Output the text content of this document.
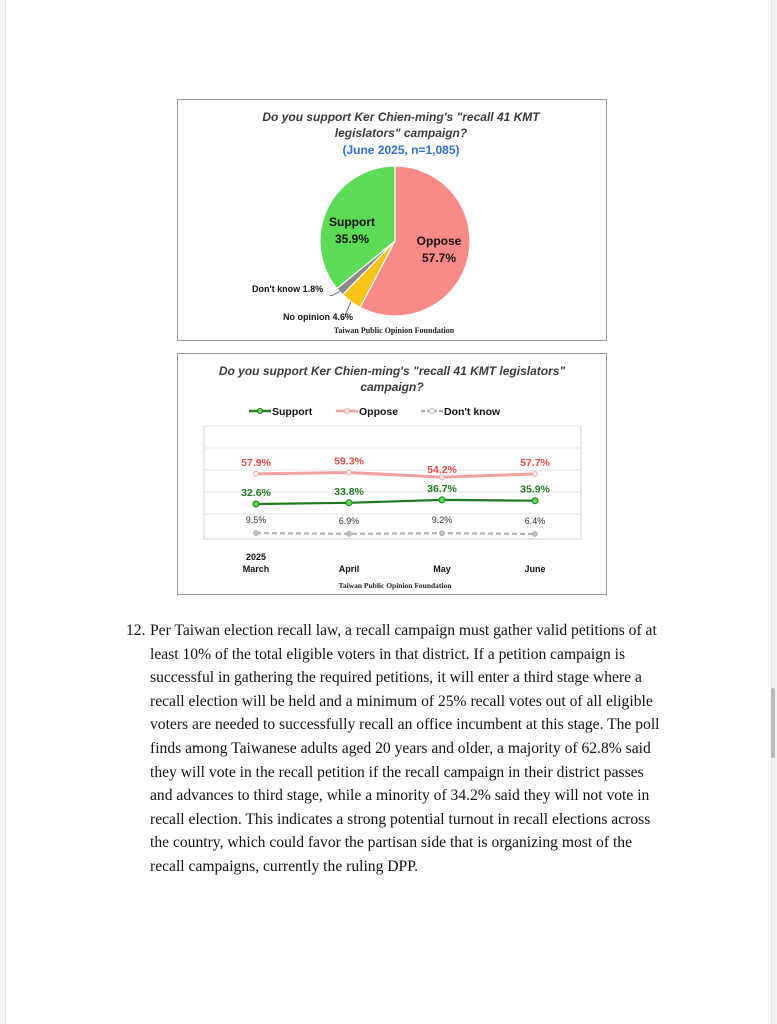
Do you support Ker Chien-ming's "recall 41 KMT
legislators" campaign?
(June 2025, n=1,085)
Support
35.9%	Oppose
57.7%
Don't know 1.8%
No opinion 4.6%
Taiwan Public Opinion Foundation
Do you support Ker Chien-ming's "recall 41 KMT legislators"
campaign?
Support	Oppose	Don't know
32.6%	33.8%	36.7%	35.9%
57.9%	59.3%
54.2%
57.7%
9.5%	6.9%	9.2%	6.4%
2025
March	April	May	June
Taiwan Public Opinion Foundation
12. Per Taiwan election recall law, a recall campaign must gather valid petitions of at least 10% of the total eligible voters in that district. If a petition campaign is successful in gathering the required petitions, it will enter a third stage where a recall election will be held and a minimum of 25% recall votes out of all eligible voters are needed to successfully recall an office incumbent at this stage. The poll finds among Taiwanese adults aged 20 years and older, a majority of 62.8% said they will vote in the recall petition if the recall campaign in their district passes and advances to third stage, while a minority of 34.2% said they will not vote in recall election. This indicates a strong potential turnout in recall elections across the country, which could favor the partisan side that is organizing most of the recall campaigns, currently the ruling DPP.
